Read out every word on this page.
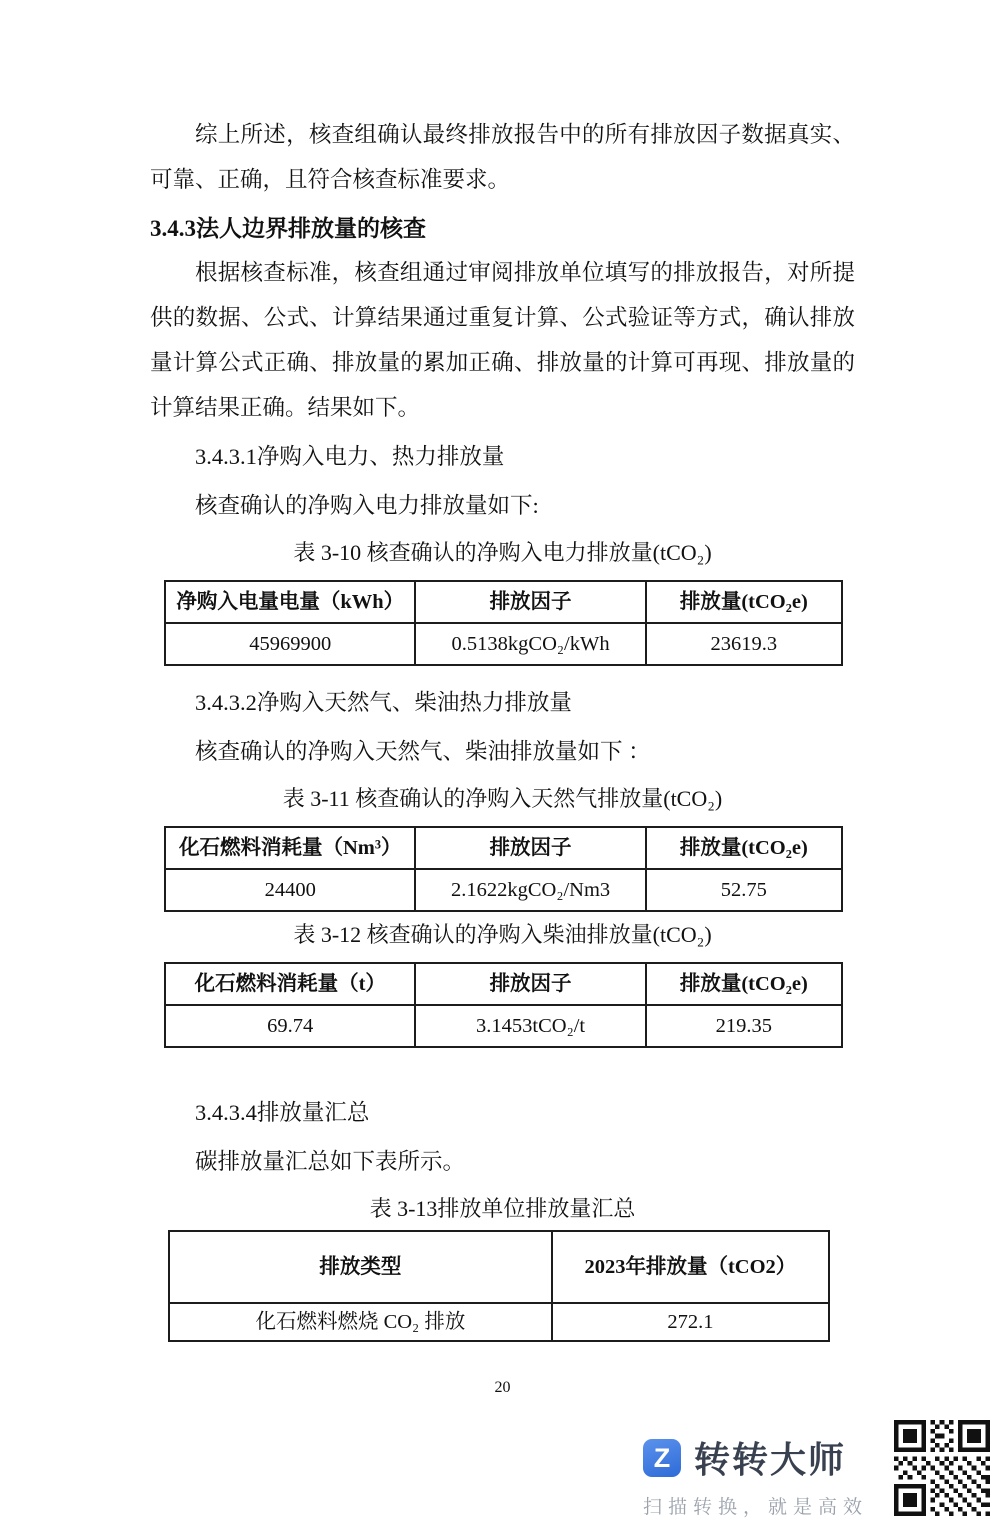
综上所述，核查组确认最终排放报告中的所有排放因子数据真实、可靠、正确，且符合核查标准要求。

3.4.3法人边界排放量的核查

根据核查标准，核查组通过审阅排放单位填写的排放报告，对所提供的数据、公式、计算结果通过重复计算、公式验证等方式，确认排放量计算公式正确、排放量的累加正确、排放量的计算可再现、排放量的计算结果正确。结果如下。

3.4.3.1净购入电力、热力排放量

核查确认的净购入电力排放量如下:

表 3-10 核查确认的净购入电力排放量(tCO₂)

净购入电量电量（kWh）	排放因子	排放量(tCO₂e)
45969900	0.5138kgCO₂/kWh	23619.3

3.4.3.2净购入天然气、柴油热力排放量

核查确认的净购入天然气、柴油排放量如下 ：

表 3-11 核查确认的净购入天然气排放量(tCO₂)

化石燃料消耗量（Nm³）	排放因子	排放量(tCO₂e)
24400	2.1622kgCO₂/Nm3	52.75

表 3-12 核查确认的净购入柴油排放量(tCO₂)

化石燃料消耗量（t）	排放因子	排放量(tCO₂e)
69.74	3.1453tCO₂/t	219.35

3.4.3.4排放量汇总

碳排放量汇总如下表所示。

表 3-13排放单位排放量汇总

排放类型	2023年排放量（tCO2）
化石燃料燃烧 CO₂ 排放	272.1

20

Z 转转大师
扫描转换，就是高效
